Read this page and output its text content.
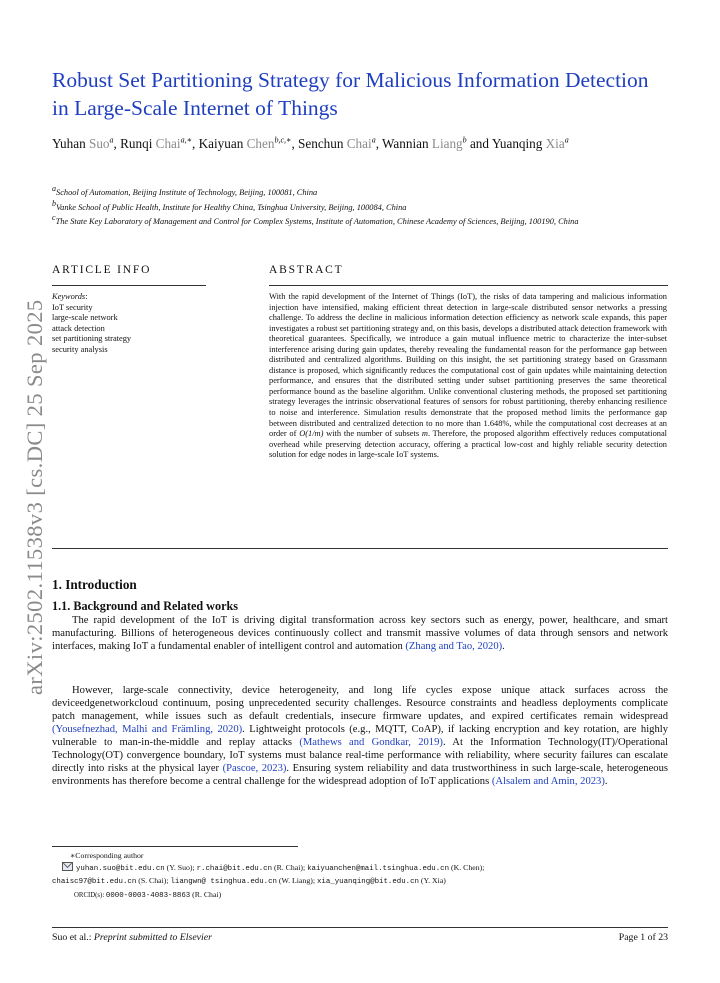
Robust Set Partitioning Strategy for Malicious Information Detection in Large-Scale Internet of Things
Yuhan Suo$^a$, Runqi Chai$^{a,∗}$, Kaiyuan Chen$^{b,c,∗}$, Senchun Chai$^a$, Wannian Liang$^b$ and Yuanqing Xia$^a$
$^a$School of Automation, Beijing Institute of Technology, Beijing, 100081, China
$^b$Vanke School of Public Health, Institute for Healthy China, Tsinghua University, Beijing, 100084, China
$^c$The State Key Laboratory of Management and Control for Complex Systems, Institute of Automation, Chinese Academy of Sciences, Beijing, 100190, China
arXiv:2502.11538v3 [cs.DC] 25 Sep 2025
ARTICLE INFO	ABSTRACT
Keywords:
IoT security
large-scale network
attack detection
set partitioning strategy
security analysis

With the rapid development of the Internet of Things (IoT), the risks of data tampering and malicious information injection have intensified, making efficient threat detection in large-scale distributed sensor networks a pressing challenge. To address the decline in malicious information detection efficiency as network scale expands, this paper investigates a robust set partitioning strategy and, on this basis, develops a distributed attack detection framework with theoretical guarantees. Specifically, we introduce a gain mutual influence metric to characterize the inter-subset interference arising during gain updates, thereby revealing the fundamental reason for the performance gap between distributed and centralized algorithms. Building on this insight, the set partitioning strategy based on Grassmann distance is proposed, which significantly reduces the computational cost of gain updates while maintaining detection performance, and ensures that the distributed setting under subset partitioning preserves the same theoretical performance bound as the baseline algorithm. Unlike conventional clustering methods, the proposed set partitioning strategy leverages the intrinsic observational features of sensors for robust partitioning, thereby enhancing resilience to noise and interference. Simulation results demonstrate that the proposed method limits the performance gap between distributed and centralized detection to no more than 1.648%, while the computational cost decreases at an order of O(1/m) with the number of subsets m. Therefore, the proposed algorithm effectively reduces computational overhead while preserving detection accuracy, offering a practical low-cost and highly reliable security detection solution for edge nodes in large-scale IoT systems.

1. Introduction
1.1. Background and Related works

The rapid development of the IoT is driving digital transformation across key sectors such as energy, power, healthcare, and smart manufacturing. Billions of heterogeneous devices continuously collect and transmit massive volumes of data through sensors and network interfaces, making IoT a fundamental enabler of intelligent control and automation (Zhang and Tao, 2020).

However, large-scale connectivity, device heterogeneity, and long life cycles expose unique attack surfaces across the deviceedgenetworkcloud continuum, posing unprecedented security challenges. Resource constraints and headless deployments complicate patch management, while issues such as default credentials, insecure firmware updates, and expired certificates remain widespread (Yousefnezhad, Malhi and Främling, 2020). Lightweight protocols (e.g., MQTT, CoAP), if lacking encryption and key rotation, are highly vulnerable to man-in-the-middle and replay attacks (Mathews and Gondkar, 2019). At the Information Technology(IT)/Operational Technology(OT) convergence boundary, IoT systems must balance real-time performance with reliability, where security failures can escalate directly into risks at the physical layer (Pascoe, 2023). Ensuring system reliability and data trustworthiness in such large-scale, heterogeneous environments has therefore become a central challenge for the widespread adoption of IoT applications (Alsalem and Amin, 2023).

∗Corresponding author
yuhan.suo@bit.edu.cn (Y. Suo); r.chai@bit.edu.cn (R. Chai); kaiyuanchen@mail.tsinghua.edu.cn (K. Chen);
chaisc97@bit.edu.cn (S. Chai); liangwn@ tsinghua.edu.cn (W. Liang); xia_yuanqing@bit.edu.cn (Y. Xia)
ORCID(s): 0000-0003-4083-8863 (R. Chai)
Suo et al.: Preprint submitted to Elsevier	Page 1 of 23
